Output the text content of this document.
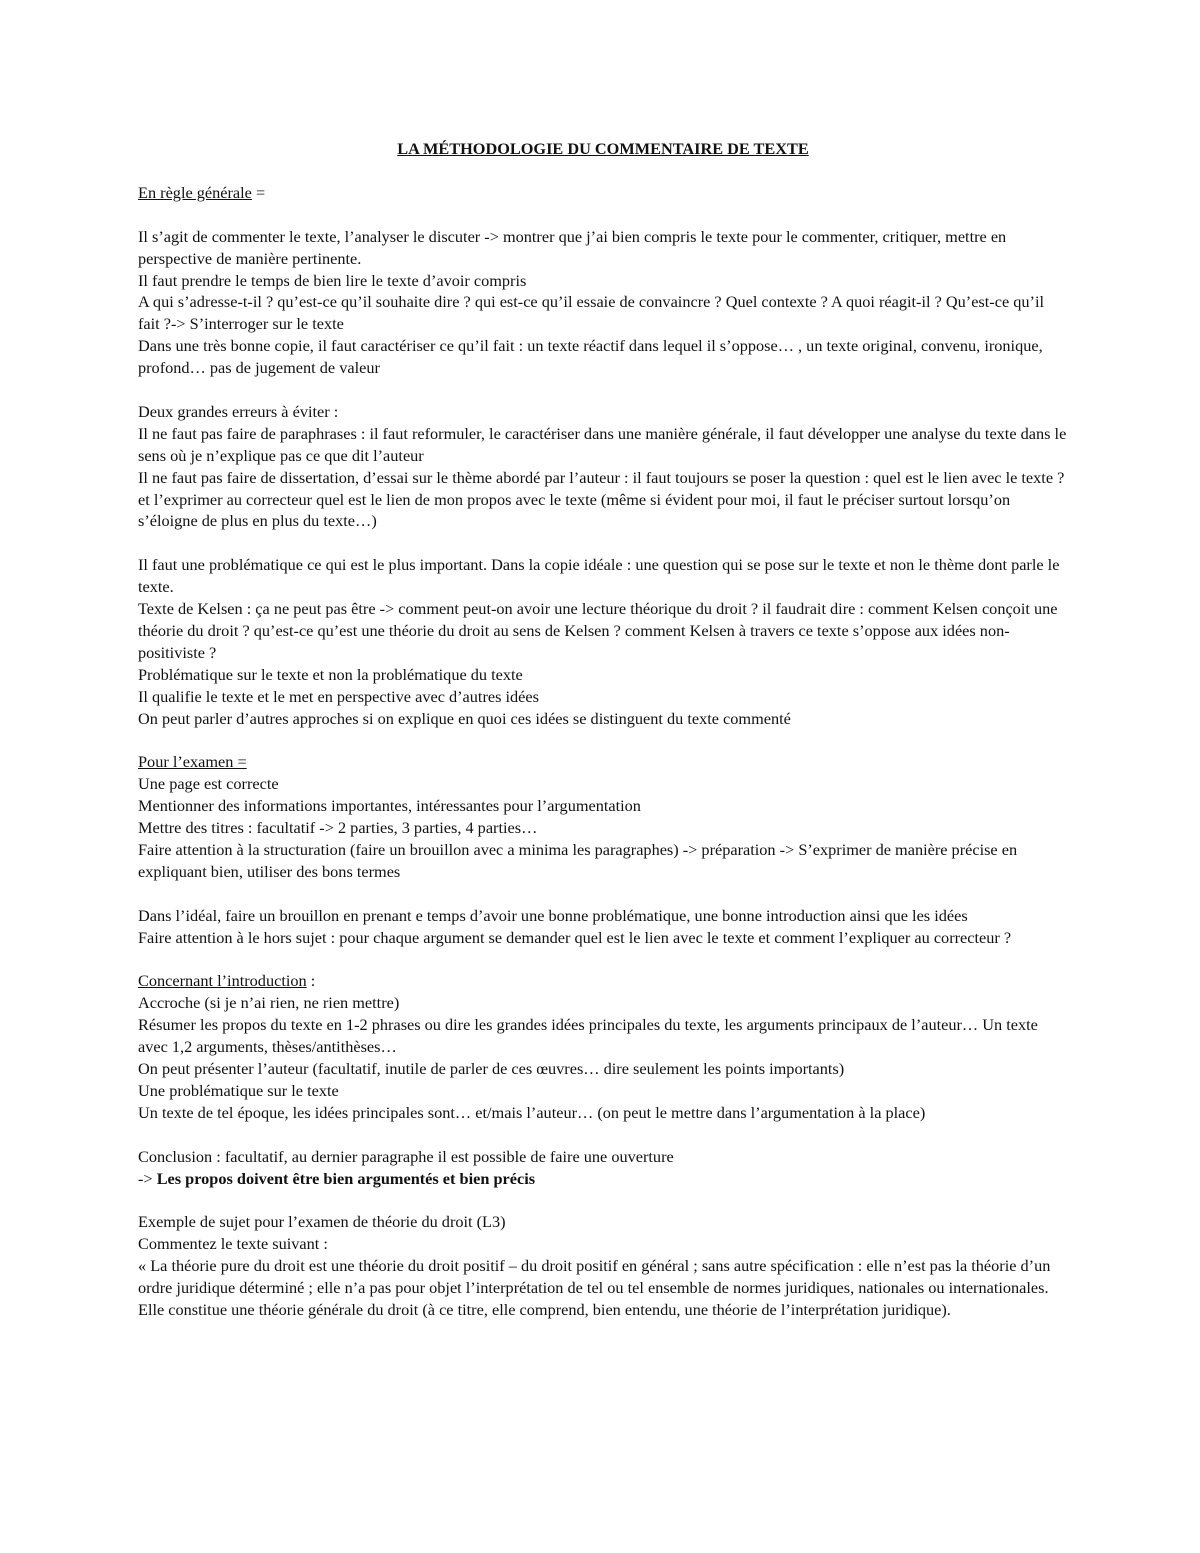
LA MÉTHODOLOGIE DU COMMENTAIRE DE TEXTE

En règle générale =

Il s’agit de commenter le texte, l’analyser le discuter -> montrer que j’ai bien compris le texte pour le commenter, critiquer, mettre en perspective de manière pertinente.

Il faut prendre le temps de bien lire le texte d’avoir compris

A qui s’adresse-t-il ? qu’est-ce qu’il souhaite dire ? qui est-ce qu’il essaie de convaincre ? Quel contexte ? A quoi réagit-il ? Qu’est-ce qu’il fait ?-> S’interroger sur le texte

Dans une très bonne copie, il faut caractériser ce qu’il fait : un texte réactif dans lequel il s’oppose… , un texte original, convenu, ironique, profond… pas de jugement de valeur

Deux grandes erreurs à éviter :

Il ne faut pas faire de paraphrases : il faut reformuler, le caractériser dans une manière générale, il faut développer une analyse du texte dans le sens où je n’explique pas ce que dit l’auteur

Il ne faut pas faire de dissertation, d’essai sur le thème abordé par l’auteur : il faut toujours se poser la question : quel est le lien avec le texte ? et l’exprimer au correcteur quel est le lien de mon propos avec le texte (même si évident pour moi, il faut le préciser surtout lorsqu’on s’éloigne de plus en plus du texte…)

Il faut une problématique ce qui est le plus important. Dans la copie idéale : une question qui se pose sur le texte et non le thème dont parle le texte.

Texte de Kelsen : ça ne peut pas être -> comment peut-on avoir une lecture théorique du droit ? il faudrait dire : comment Kelsen conçoit une théorie du droit ? qu’est-ce qu’est une théorie du droit au sens de Kelsen ? comment Kelsen à travers ce texte s’oppose aux idées non-positiviste ?

Problématique sur le texte et non la problématique du texte

Il qualifie le texte et le met en perspective avec d’autres idées

On peut parler d’autres approches si on explique en quoi ces idées se distinguent du texte commenté

Pour l’examen =

Une page est correcte

Mentionner des informations importantes, intéressantes pour l’argumentation

Mettre des titres : facultatif -> 2 parties, 3 parties, 4 parties…

Faire attention à la structuration (faire un brouillon avec a minima les paragraphes) -> préparation -> S’exprimer de manière précise en expliquant bien, utiliser des bons termes

Dans l’idéal, faire un brouillon en prenant e temps d’avoir une bonne problématique, une bonne introduction ainsi que les idées

Faire attention à le hors sujet : pour chaque argument se demander quel est le lien avec le texte et comment l’expliquer au correcteur ?

Concernant l’introduction :

Accroche (si je n’ai rien, ne rien mettre)

Résumer les propos du texte en 1-2 phrases ou dire les grandes idées principales du texte, les arguments principaux de l’auteur… Un texte avec 1,2 arguments, thèses/antithèses…

On peut présenter l’auteur (facultatif, inutile de parler de ces œuvres… dire seulement les points importants)

Une problématique sur le texte

Un texte de tel époque, les idées principales sont… et/mais l’auteur… (on peut le mettre dans l’argumentation à la place)

Conclusion : facultatif, au dernier paragraphe il est possible de faire une ouverture

-> Les propos doivent être bien argumentés et bien précis

Exemple de sujet pour l’examen de théorie du droit (L3)

Commentez le texte suivant :

« La théorie pure du droit est une théorie du droit positif – du droit positif en général ; sans autre spécification : elle n’est pas la théorie d’un ordre juridique déterminé ; elle n’a pas pour objet l’interprétation de tel ou tel ensemble de normes juridiques, nationales ou internationales. Elle constitue une théorie générale du droit (à ce titre, elle comprend, bien entendu, une théorie de l’interprétation juridique).
